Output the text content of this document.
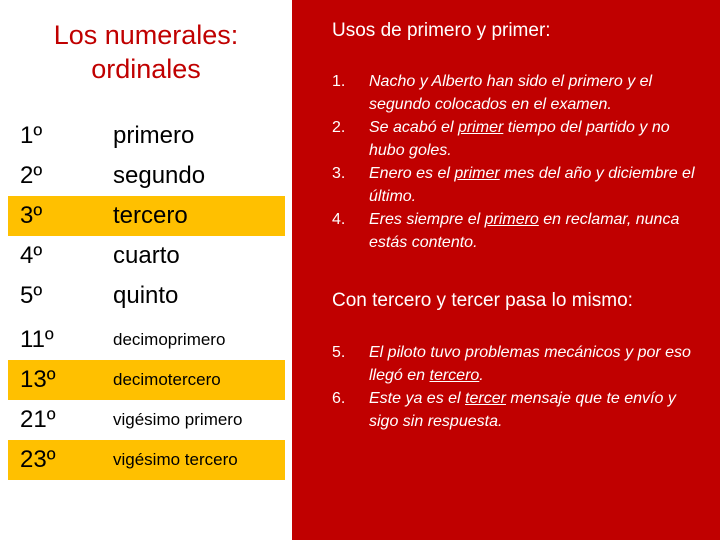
Los numerales:
ordinales
1º	primero
2º	segundo
3º	tercero
4º	cuarto
5º	quinto
11º	decimoprimero
13º	decimotercero
21º	vigésimo primero
23º	vigésimo tercero
Usos de primero y primer:
1. Nacho y Alberto han sido el primero y el segundo colocados en el examen.
2. Se acabó el primer tiempo del partido y no hubo goles.
3. Enero es el primer mes del año y diciembre el último.
4. Eres siempre el primero en reclamar, nunca estás contento.
Con tercero y tercer pasa lo mismo:
5. El piloto tuvo problemas mecánicos y por eso llegó en tercero.
6. Este ya es el tercer mensaje que te envío y sigo sin respuesta.
